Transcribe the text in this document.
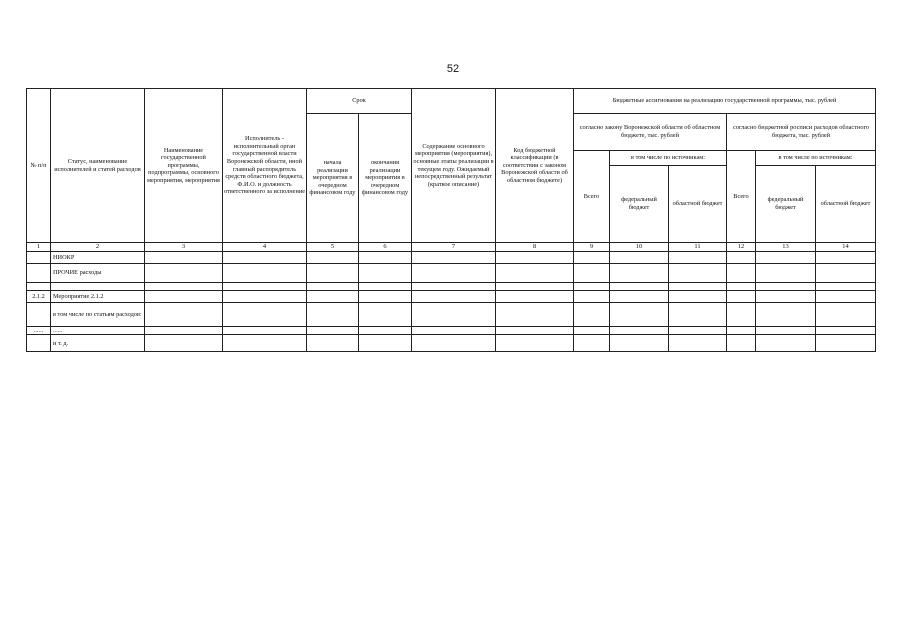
52
№ п/п	Статус, наименование исполнителей и статей расходов	Наименование государственной программы, подпрограммы, основного мероприятия, мероприятия	Исполнитель - исполнительный орган государственной власти Воронежской области, иной главный распорядитель средств областного бюджета, Ф.И.О. и должность ответственного за исполнение	Срок		Содержание основного мероприятия (мероприятия), основные этапы реализации в текущем году. Ожидаемый непосредственный результат (краткое описание)	Код бюджетной классификации (в соответствии с законом Воронежской области об областном бюджете)	Бюджетные ассигнования на реализацию государственной программы, тыс. рублей					
				начала реализации мероприятия в очередном финансовом году	окончания реализации мероприятия в очередном финансовом году			согласно закону Воронежской области об областном бюджете, тыс. рублей			согласно бюджетной росписи расходов областного бюджета, тыс. рублей		
								Всего	в том числе по источникам:		Всего	в том числе по источникам:	
									федеральный бюджет	областной бюджет		федеральный бюджет	областной бюджет
1	2	3	4	5	6	7	8	9	10	11	12	13	14
	НИОКР												
	ПРОЧИЕ расходы												

2.1.2	Мероприятие 2.1.2												
	в том числе по статьям расходов:												
......	......												
	и т. д.												
